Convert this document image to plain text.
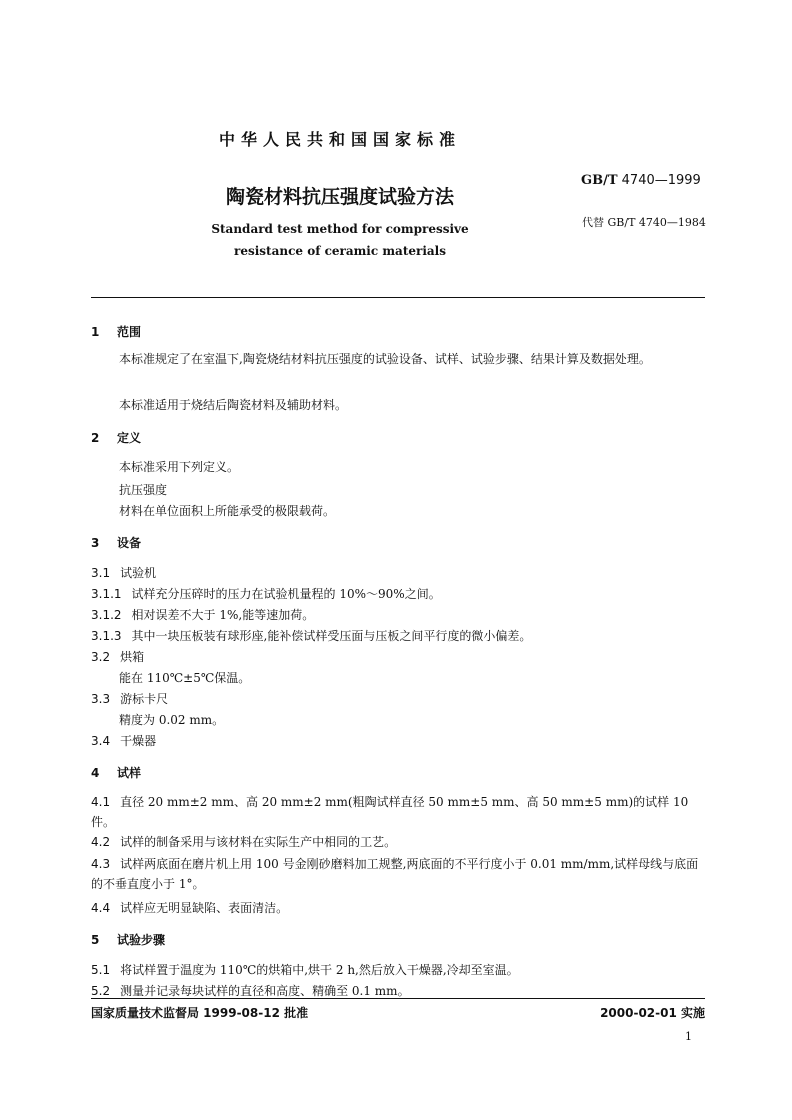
中华人民共和国国家标准
GB/T 4740—1999
陶瓷材料抗压强度试验方法
代替 GB/T 4740—1984
Standard test method for compressive
resistance of ceramic materials
1 范围
本标准规定了在室温下,陶瓷烧结材料抗压强度的试验设备、试样、试验步骤、结果计算及数据处理。
本标准适用于烧结后陶瓷材料及辅助材料。
2 定义
本标准采用下列定义。
抗压强度
材料在单位面积上所能承受的极限载荷。
3 设备
3.1 试验机
3.1.1 试样充分压碎时的压力在试验机量程的 10%～90%之间。
3.1.2 相对误差不大于 1%,能等速加荷。
3.1.3 其中一块压板装有球形座,能补偿试样受压面与压板之间平行度的微小偏差。
3.2 烘箱
能在 110℃±5℃保温。
3.3 游标卡尺
精度为 0.02 mm。
3.4 干燥器
4 试样
4.1 直径 20 mm±2 mm、高 20 mm±2 mm(粗陶试样直径 50 mm±5 mm、高 50 mm±5 mm)的试样 10 件。
4.2 试样的制备采用与该材料在实际生产中相同的工艺。
4.3 试样两底面在磨片机上用 100 号金刚砂磨料加工规整,两底面的不平行度小于 0.01 mm/mm,试样母线与底面的不垂直度小于 1°。
4.4 试样应无明显缺陷、表面清洁。
5 试验步骤
5.1 将试样置于温度为 110℃的烘箱中,烘干 2 h,然后放入干燥器,冷却至室温。
5.2 测量并记录每块试样的直径和高度、精确至 0.1 mm。
国家质量技术监督局 1999-08-12 批准	2000-02-01 实施
1
